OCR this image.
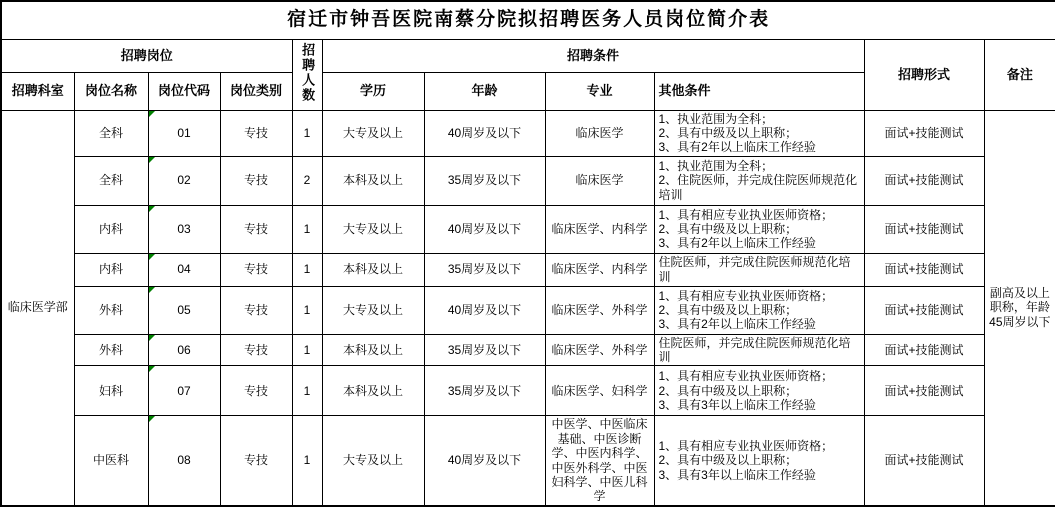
宿迁市钟吾医院南蔡分院拟招聘医务人员岗位简介表										
招聘岗位				招聘人数	招聘条件				招聘形式	备注
招聘科室	岗位名称	岗位代码	岗位类别		学历	年龄	专业	其他条件		
临床医学部	全科	01	专技	1	大专及以上	40周岁及以下	临床医学	1、执业范围为全科；
2、具有中级及以上职称；
3、具有2年以上临床工作经验	面试+技能测试	副高及以上职称，年龄45周岁以下
	全科	02	专技	2	本科及以上	35周岁及以下	临床医学	1、执业范围为全科；
2、住院医师，并完成住院医师规范化培训	面试+技能测试	
	内科	03	专技	1	大专及以上	40周岁及以下	临床医学、内科学	1、具有相应专业执业医师资格；
2、具有中级及以上职称；
3、具有2年以上临床工作经验	面试+技能测试	
	内科	04	专技	1	本科及以上	35周岁及以下	临床医学、内科学	住院医师，并完成住院医师规范化培训	面试+技能测试	
	外科	05	专技	1	大专及以上	40周岁及以下	临床医学、外科学	1、具有相应专业执业医师资格；
2、具有中级及以上职称；
3、具有2年以上临床工作经验	面试+技能测试	
	外科	06	专技	1	本科及以上	35周岁及以下	临床医学、外科学	住院医师，并完成住院医师规范化培训	面试+技能测试	
	妇科	07	专技	1	本科及以上	35周岁及以下	临床医学、妇科学	1、具有相应专业执业医师资格；
2、具有中级及以上职称；
3、具有3年以上临床工作经验	面试+技能测试	
	中医科	08	专技	1	大专及以上	40周岁及以下	中医学、中医临床基础、中医诊断学、中医内科学、中医外科学、中医妇科学、中医儿科学	1、具有相应专业执业医师资格；
2、具有中级及以上职称；
3、具有3年以上临床工作经验	面试+技能测试	
